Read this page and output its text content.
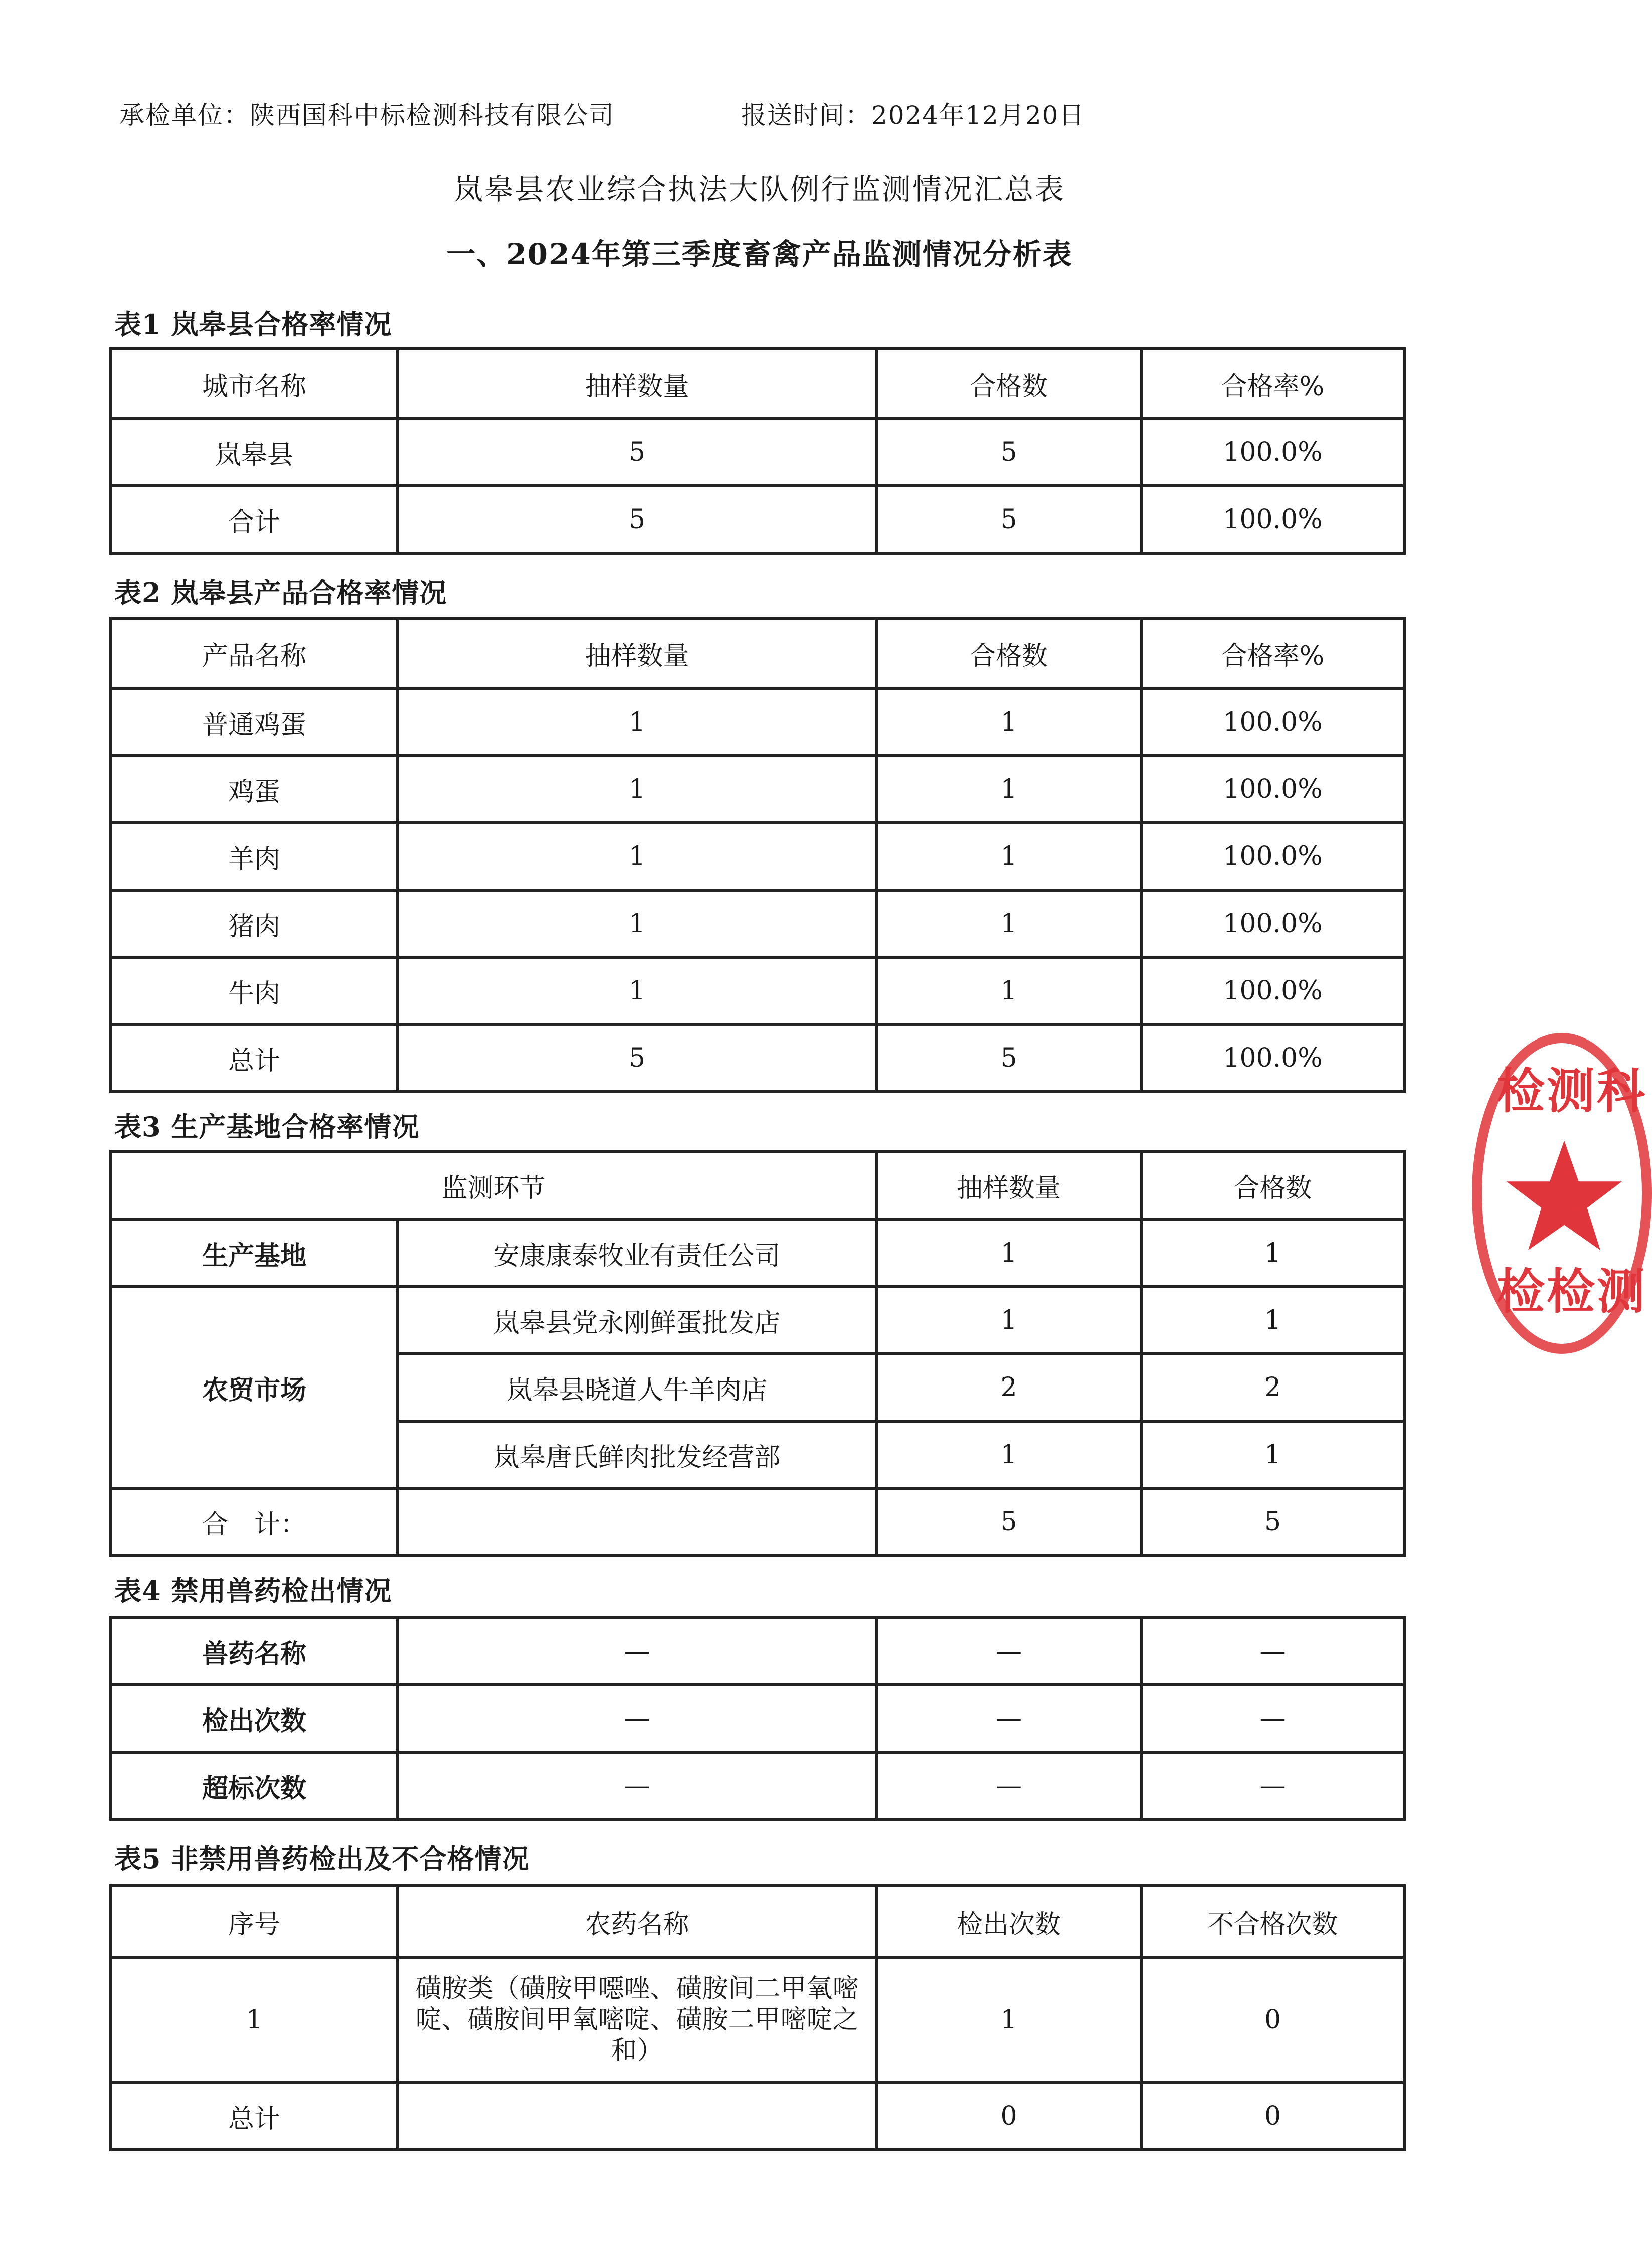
承检单位：陕西国科中标检测科技有限公司	报送时间：2024年12月20日
岚皋县农业综合执法大队例行监测情况汇总表
一、2024年第三季度畜禽产品监测情况分析表
表1 岚皋县合格率情况
城市名称	抽样数量	合格数	合格率%
岚皋县	5	5	100.0%
合计	5	5	100.0%
表2 岚皋县产品合格率情况
产品名称	抽样数量	合格数	合格率%
普通鸡蛋	1	1	100.0%
鸡蛋	1	1	100.0%
羊肉	1	1	100.0%
猪肉	1	1	100.0%
牛肉	1	1	100.0%
总计	5	5	100.0%
表3 生产基地合格率情况
监测环节		抽样数量	合格数
生产基地	安康康泰牧业有责任公司	1	1
农贸市场	岚皋县党永刚鲜蛋批发店	1	1
	岚皋县晓道人牛羊肉店	2	2
	岚皋唐氏鲜肉批发经营部	1	1
合　计：		5	5
表4 禁用兽药检出情况
兽药名称	—	—	—
检出次数	—	—	—
超标次数	—	—	—
表5 非禁用兽药检出及不合格情况
序号	农药名称	检出次数	不合格次数
1	磺胺类（磺胺甲噁唑、磺胺间二甲氧嘧啶、磺胺间甲氧嘧啶、磺胺二甲嘧啶之和）	1	0
总计		0	0
检测科
检检测
